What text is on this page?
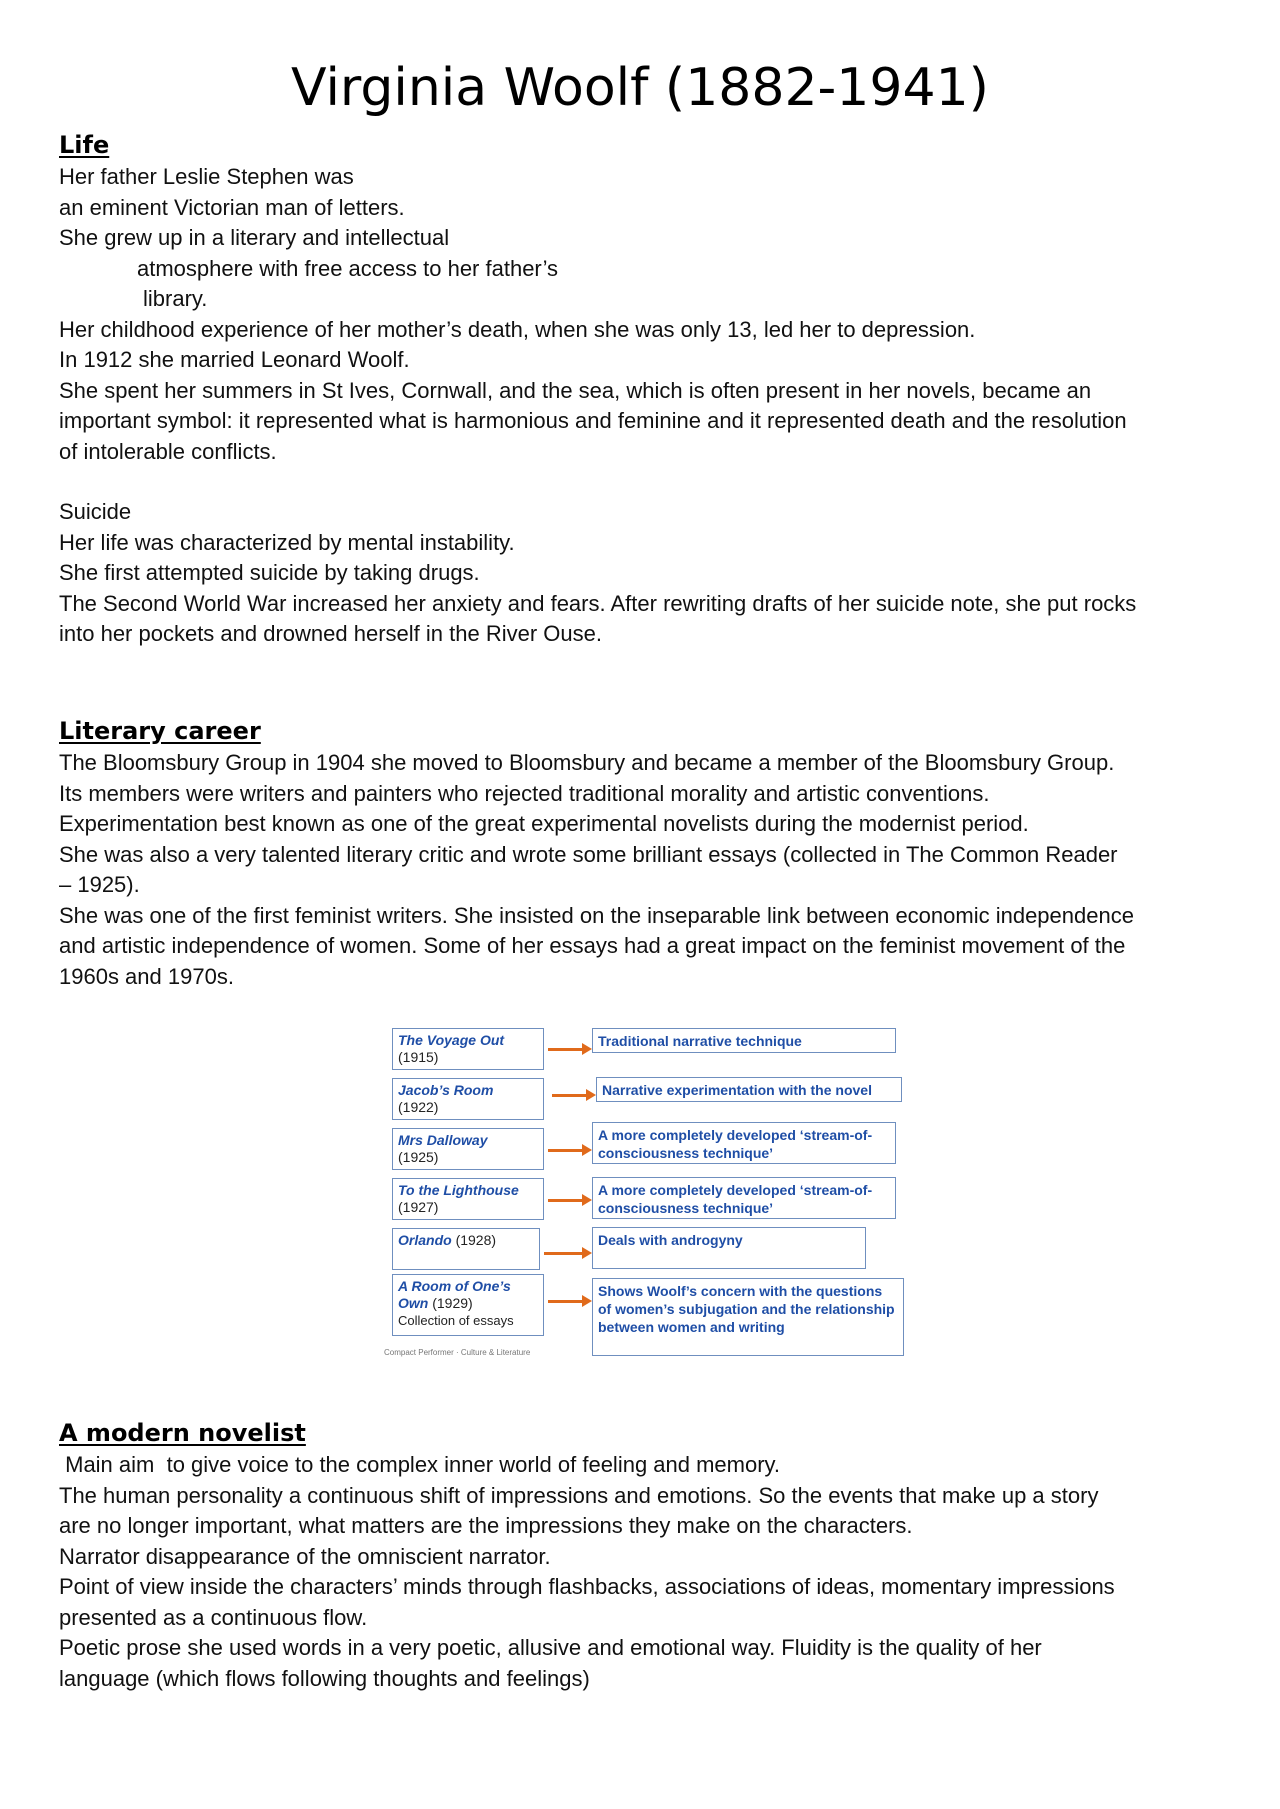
Virginia Woolf (1882-1941)
Life
Her father Leslie Stephen was
an eminent Victorian man of letters.
She grew up in a literary and intellectual
atmosphere with free access to her father’s
library.
Her childhood experience of her mother’s death, when she was only 13, led her to depression.
In 1912 she married Leonard Woolf.
She spent her summers in St Ives, Cornwall, and the sea, which is often present in her novels, became an
important symbol: it represented what is harmonious and feminine and it represented death and the resolution
of intolerable conflicts.
Suicide
Her life was characterized by mental instability.
She first attempted suicide by taking drugs.
The Second World War increased her anxiety and fears. After rewriting drafts of her suicide note, she put rocks
into her pockets and drowned herself in the River Ouse.
Literary career
The Bloomsbury Group in 1904 she moved to Bloomsbury and became a member of the Bloomsbury Group.
Its members were writers and painters who rejected traditional morality and artistic conventions.
Experimentation best known as one of the great experimental novelists during the modernist period.
She was also a very talented literary critic and wrote some brilliant essays (collected in The Common Reader
– 1925).
She was one of the first feminist writers. She insisted on the inseparable link between economic independence
and artistic independence of women. Some of her essays had a great impact on the feminist movement of the
1960s and 1970s.
The Voyage Out
(1915)
Traditional narrative technique
Jacob’s Room
(1922)
Narrative experimentation with the novel
Mrs Dalloway
(1925)
A more completely developed ‘stream-of-consciousness technique’
To the Lighthouse
(1927)
A more completely developed ‘stream-of-consciousness technique’
Orlando (1928)	Deals with androgyny
A Room of One’s Own (1929)
Collection of essays
Shows Woolf’s concern with the questions of women’s subjugation and the relationship between women and writing
Compact Performer · Culture & Literature
A modern novelist
Main aim  to give voice to the complex inner world of feeling and memory.
The human personality a continuous shift of impressions and emotions. So the events that make up a story
are no longer important, what matters are the impressions they make on the characters.
Narrator disappearance of the omniscient narrator.
Point of view inside the characters’ minds through flashbacks, associations of ideas, momentary impressions
presented as a continuous flow.
Poetic prose she used words in a very poetic, allusive and emotional way. Fluidity is the quality of her
language (which flows following thoughts and feelings)
